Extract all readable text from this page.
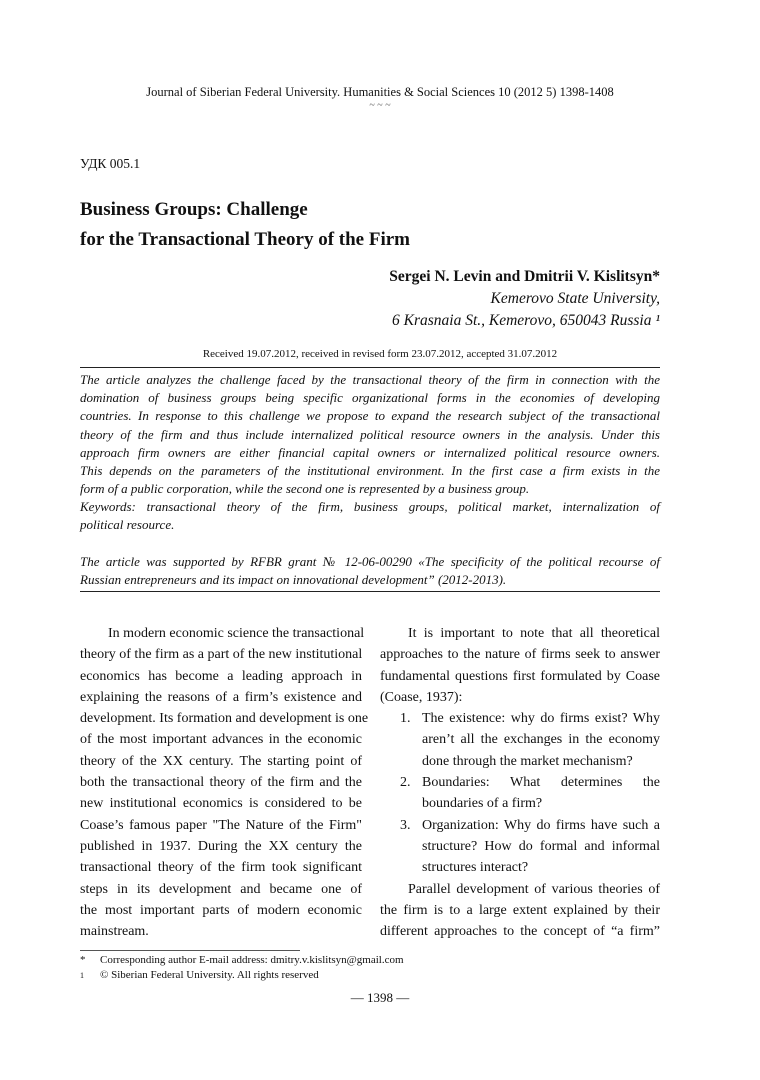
Journal of Siberian Federal University. Humanities & Social Sciences 10 (2012 5) 1398-1408
~ ~ ~
УДК 005.1
Business Groups: Challenge
for the Transactional Theory of the Firm
Sergei N. Levin and Dmitrii V. Kislitsyn*
Kemerovo State University,
6 Krasnaia St., Kemerovo, 650043 Russia ¹
Received 19.07.2012, received in revised form 23.07.2012, accepted 31.07.2012
The article analyzes the challenge faced by the transactional theory of the firm in connection with the
domination of business groups being specific organizational forms in the economies of developing
countries. In response to this challenge we propose to expand the research subject of the transactional
theory of the firm and thus include internalized political resource owners in the analysis. Under this
approach firm owners are either financial capital owners or internalized political resource owners.
This depends on the parameters of the institutional environment. In the first case a firm exists in the
form of a public corporation, while the second one is represented by a business group.
Keywords: transactional theory of the firm, business groups, political market, internalization of
political resource.
The article was supported by RFBR grant № 12-06-00290 «The specificity of the political recourse of
Russian entrepreneurs and its impact on innovational development” (2012-2013).
In modern economic science the transactional
theory of the firm as a part of the new institutional
economics has become a leading approach in
explaining the reasons of a firm’s existence and
development. Its formation and development is one
of the most important advances in the economic
theory of the XX century. The starting point of
both the transactional theory of the firm and the
new institutional economics is considered to be
Coase’s famous paper "The Nature of the Firm"
published in 1937. During the XX century the
transactional theory of the firm took significant
steps in its development and became one of
the most important parts of modern economic
mainstream.
It is important to note that all theoretical
approaches to the nature of firms seek to answer
fundamental questions first formulated by Coase
(Coase, 1937):
1. The existence: why do firms exist? Why
aren’t all the exchanges in the economy
done through the market mechanism?
2. Boundaries: What determines the
boundaries of a firm?
3. Organization: Why do firms have such a
structure? How do formal and informal
structures interact?
Parallel development of various theories of
the firm is to a large extent explained by their
different approaches to the concept of “a firm”
* Corresponding author E-mail address: dmitry.v.kislitsyn@gmail.com
1 © Siberian Federal University. All rights reserved
— 1398 —
